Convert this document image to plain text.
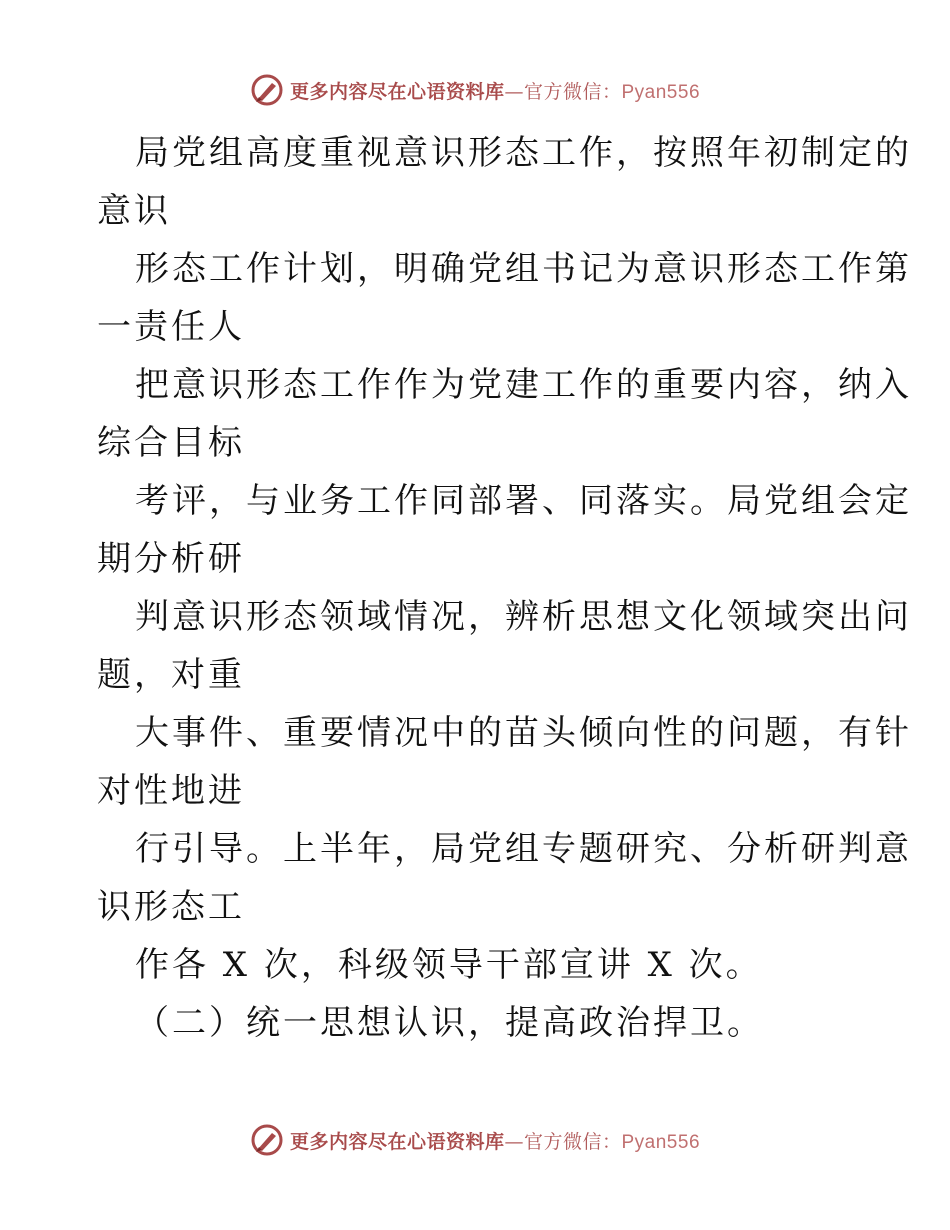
更多内容尽在心语资料库—官方微信：Pyan556
局党组高度重视意识形态工作，按照年初制定的
意识
形态工作计划，明确党组书记为意识形态工作第
一责任人
把意识形态工作作为党建工作的重要内容，纳入
综合目标
考评，与业务工作同部署、同落实。局党组会定
期分析研
判意识形态领域情况，辨析思想文化领域突出问
题，对重
大事件、重要情况中的苗头倾向性的问题，有针
对性地进
行引导。上半年，局党组专题研究、分析研判意
识形态工
作各 X 次，科级领导干部宣讲 X 次。
（二）统一思想认识，提高政治捍卫。
更多内容尽在心语资料库—官方微信：Pyan556
